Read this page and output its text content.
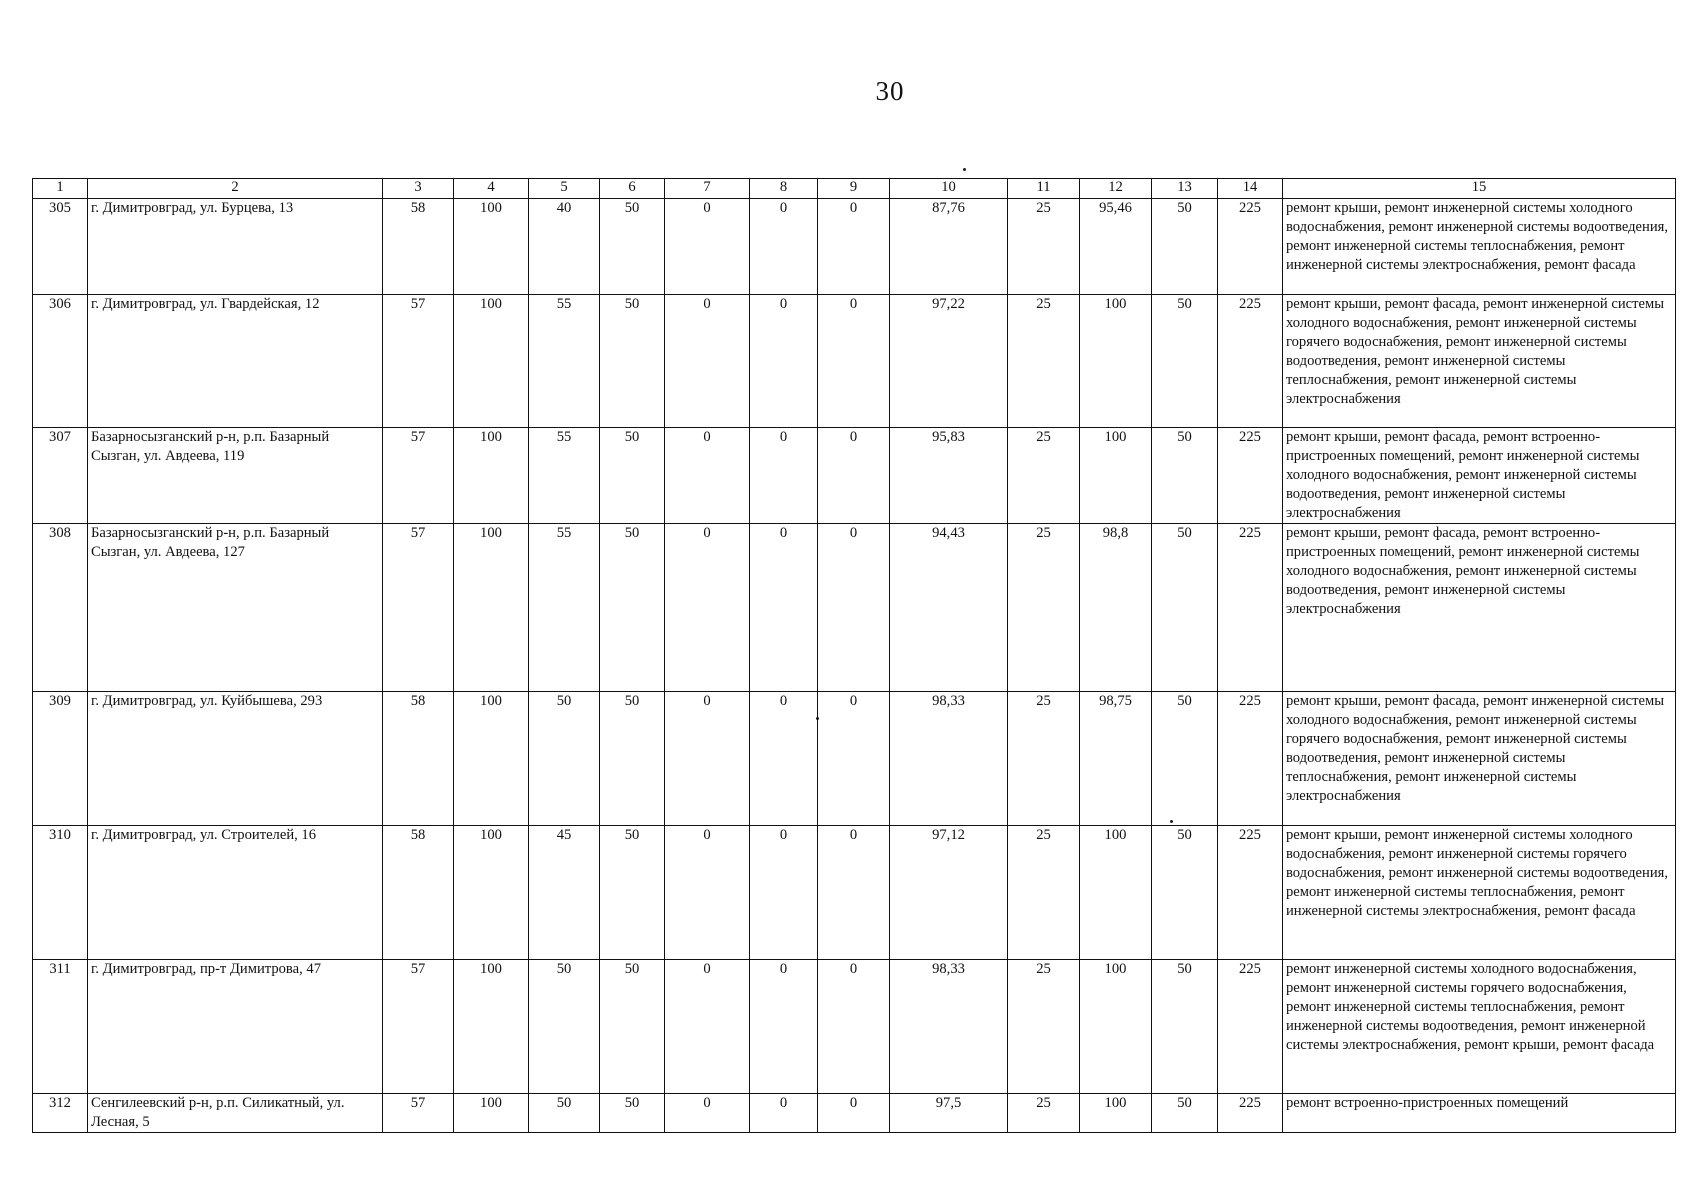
30
1	2	3	4	5	6	7	8	9	10	11	12	13	14	15
305	г. Димитровград, ул. Бурцева, 13	58	100	40	50	0	0	0	87,76	25	95,46	50	225	ремонт крыши, ремонт инженерной системы холодного водоснабжения, ремонт инженерной системы водоотведения, ремонт инженерной системы теплоснабжения, ремонт инженерной системы электроснабжения, ремонт фасада
306	г. Димитровград, ул. Гвардейская, 12	57	100	55	50	0	0	0	97,22	25	100	50	225	ремонт крыши, ремонт фасада, ремонт инженерной системы холодного водоснабжения, ремонт инженерной системы горячего водоснабжения, ремонт инженерной системы водоотведения, ремонт инженерной системы теплоснабжения, ремонт инженерной системы электроснабжения
307	Базарносызганский р-н, р.п. Базарный Сызган, ул. Авдеева, 119	57	100	55	50	0	0	0	95,83	25	100	50	225	ремонт крыши, ремонт фасада, ремонт встроенно-пристроенных помещений, ремонт инженерной системы холодного водоснабжения, ремонт инженерной системы водоотведения, ремонт инженерной системы электроснабжения
308	Базарносызганский р-н, р.п. Базарный Сызган, ул. Авдеева, 127	57	100	55	50	0	0	0	94,43	25	98,8	50	225	ремонт крыши, ремонт фасада, ремонт встроенно-пристроенных помещений, ремонт инженерной системы холодного водоснабжения, ремонт инженерной системы водоотведения, ремонт инженерной системы электроснабжения
309	г. Димитровград, ул. Куйбышева, 293	58	100	50	50	0	0	0	98,33	25	98,75	50	225	ремонт крыши, ремонт фасада, ремонт инженерной системы холодного водоснабжения, ремонт инженерной системы горячего водоснабжения, ремонт инженерной системы водоотведения, ремонт инженерной системы теплоснабжения, ремонт инженерной системы электроснабжения
310	г. Димитровград, ул. Строителей, 16	58	100	45	50	0	0	0	97,12	25	100	50	225	ремонт крыши, ремонт инженерной системы холодного водоснабжения, ремонт инженерной системы горячего водоснабжения, ремонт инженерной системы водоотведения, ремонт инженерной системы теплоснабжения, ремонт инженерной системы электроснабжения, ремонт фасада
311	г. Димитровград, пр-т Димитрова, 47	57	100	50	50	0	0	0	98,33	25	100	50	225	ремонт инженерной системы холодного водоснабжения, ремонт инженерной системы горячего водоснабжения, ремонт инженерной системы теплоснабжения, ремонт инженерной системы водоотведения, ремонт инженерной системы электроснабжения, ремонт крыши, ремонт фасада
312	Сенгилеевский р-н, р.п. Силикатный, ул. Лесная, 5	57	100	50	50	0	0	0	97,5	25	100	50	225	ремонт встроенно-пристроенных помещений
